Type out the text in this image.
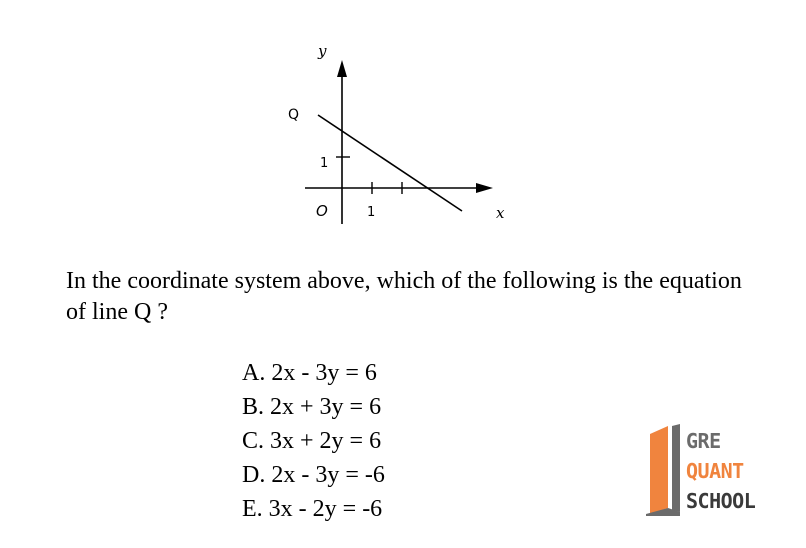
y
x
Q
1
1
O
In the coordinate system above, which of the following is the equation of line Q ?
A. 2x - 3y = 6
B. 2x + 3y = 6
C. 3x + 2y = 6
D. 2x - 3y = -6
E. 3x - 2y = -6
GRE
QUANT
SCHOOL
